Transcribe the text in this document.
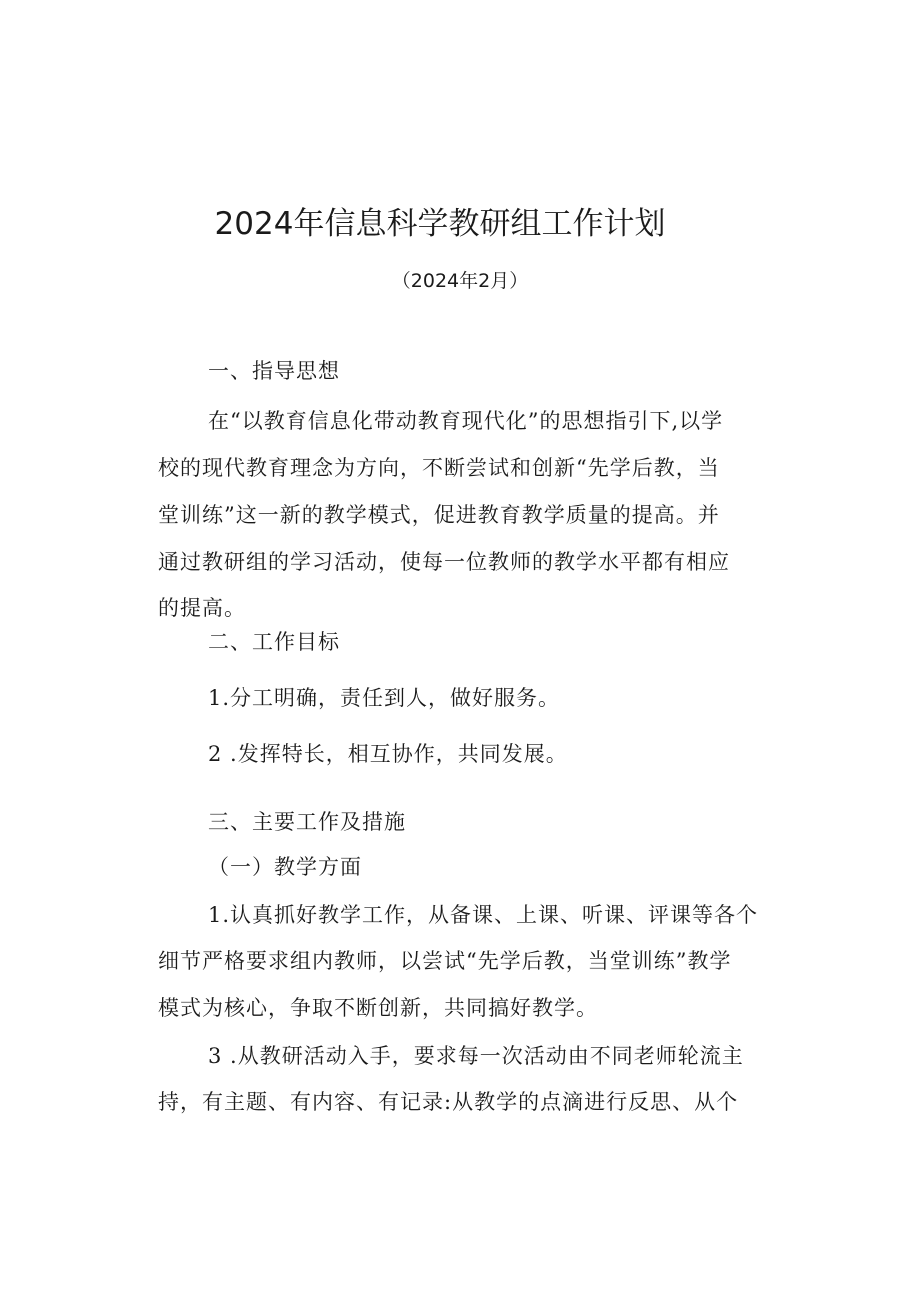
2024年信息科学教研组工作计划

（2024年2月）

一、指导思想

在“以教育信息化带动教育现代化”的思想指引下,以学

校的现代教育理念为方向，不断尝试和创新“先学后教，当

堂训练”这一新的教学模式，促进教育教学质量的提高。并

通过教研组的学习活动，使每一位教师的教学水平都有相应

的提高。

二、工作目标

1.分工明确，责任到人，做好服务。

2 .发挥特长，相互协作，共同发展。

三、主要工作及措施

（一）教学方面

1.认真抓好教学工作，从备课、上课、听课、评课等各个

细节严格要求组内教师，以尝试“先学后教，当堂训练”教学

模式为核心，争取不断创新，共同搞好教学。

3 .从教研活动入手，要求每一次活动由不同老师轮流主

持，有主题、有内容、有记录:从教学的点滴进行反思、从个
